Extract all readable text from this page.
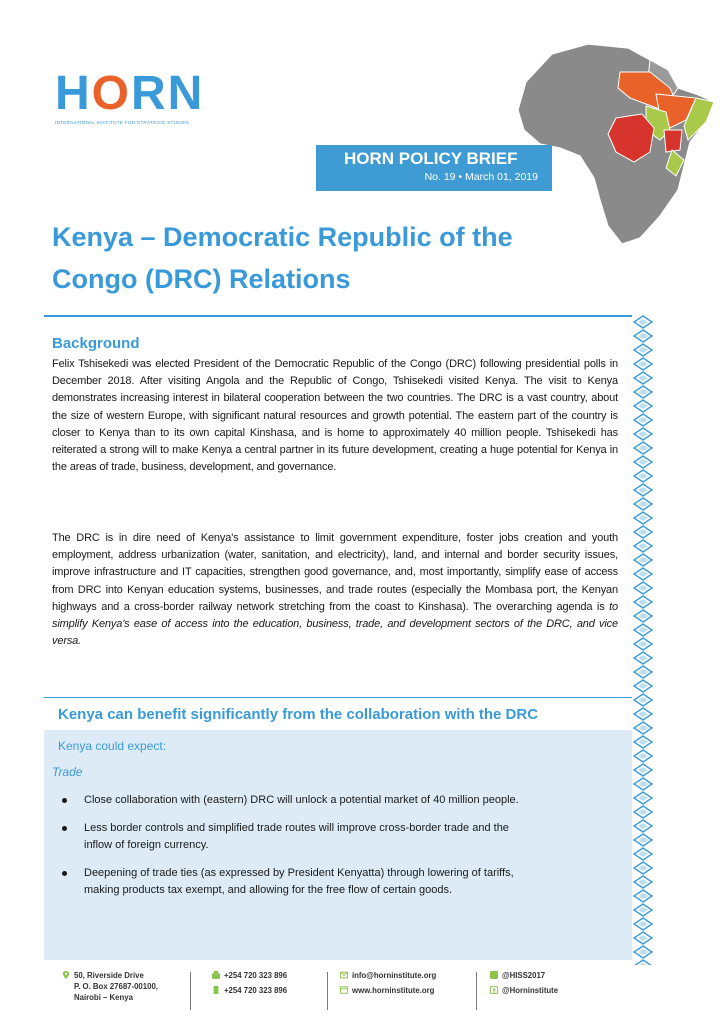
HORN
INTERNATIONAL INSTITUTE FOR STRATEGIC STUDIES
HORN POLICY BRIEF
No. 19 • March 01, 2019
Kenya – Democratic Republic of the
Congo (DRC) Relations
Background
Felix Tshisekedi was elected President of the Democratic Republic of the Congo (DRC) following presidential polls in December 2018. After visiting Angola and the Republic of Congo, Tshisekedi visited Kenya. The visit to Kenya demonstrates increasing interest in bilateral cooperation between the two countries. The DRC is a vast country, about the size of western Europe, with significant natural resources and growth potential. The eastern part of the country is closer to Kenya than to its own capital Kinshasa, and is home to approximately 40 million people. Tshisekedi has reiterated a strong will to make Kenya a central partner in its future development, creating a huge potential for Kenya in the areas of trade, business, development, and governance.
The DRC is in dire need of Kenya's assistance to limit government expenditure, foster jobs creation and youth employment, address urbanization (water, sanitation, and electricity), land, and internal and border security issues, improve infrastructure and IT capacities, strengthen good governance, and, most importantly, simplify ease of access from DRC into Kenyan education systems, businesses, and trade routes (especially the Mombasa port, the Kenyan highways and a cross-border railway network stretching from the coast to Kinshasa). The overarching agenda is to simplify Kenya's ease of access into the education, business, trade, and development sectors of the DRC, and vice versa.
Kenya can benefit significantly from the collaboration with the DRC
Kenya could expect:
Trade
Close collaboration with (eastern) DRC will unlock a potential market of 40 million people.
Less border controls and simplified trade routes will improve cross-border trade and the inflow of foreign currency.
Deepening of trade ties (as expressed by President Kenyatta) through lowering of tariffs, making products tax exempt, and allowing for the free flow of certain goods.
50, Riverside Drive
P. O. Box 27687-00100,
Nairobi – Kenya
+254 720 323 896
+254 720 323 896
info@horninstitute.org
www.horninstitute.org
@HISS2017
@Horninstitute
